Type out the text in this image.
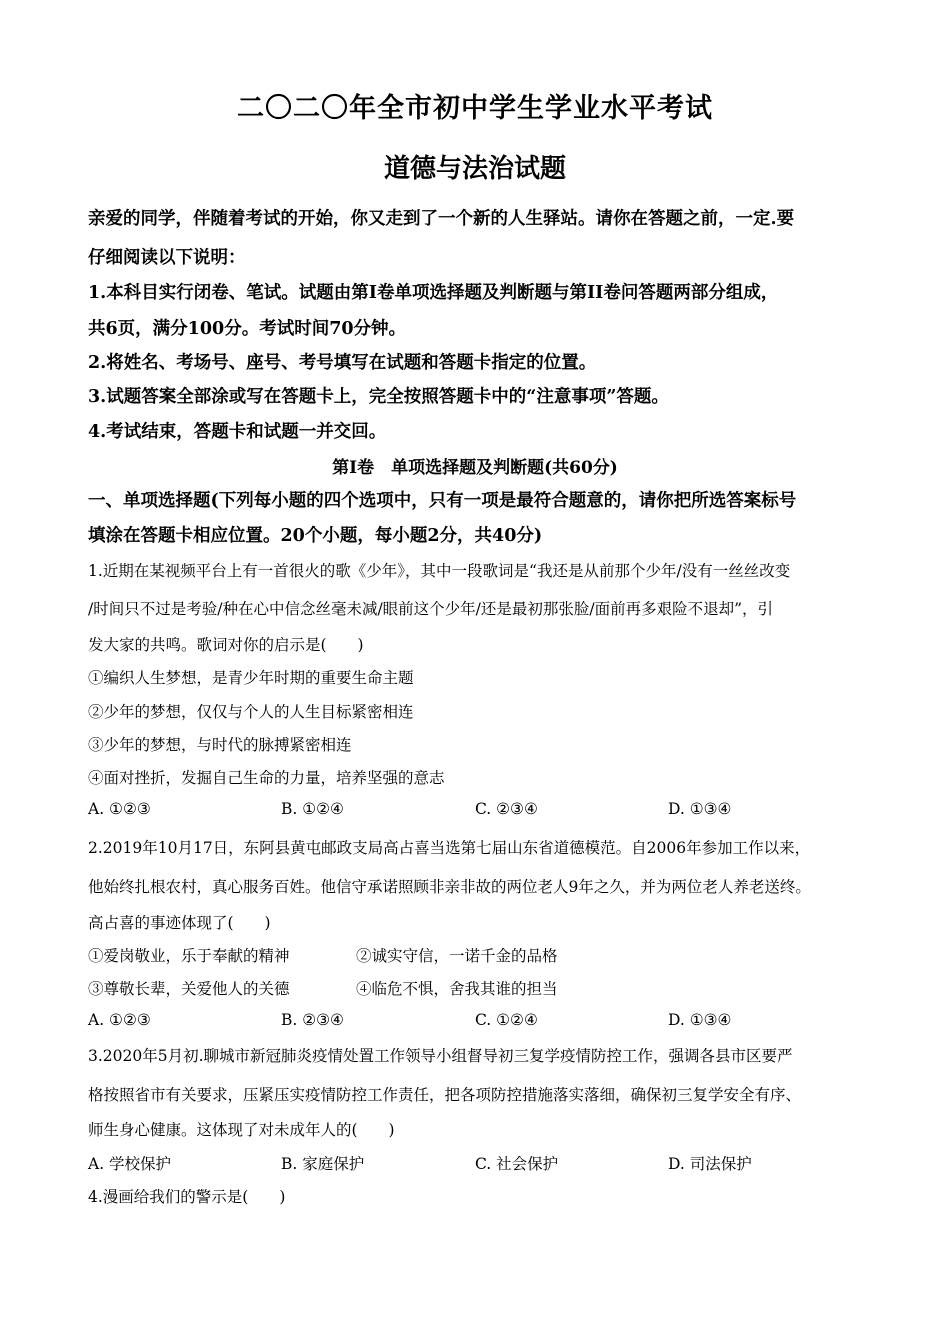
二〇二〇年全市初中学生学业水平考试
道德与法治试题
亲爱的同学，伴随着考试的开始，你又走到了一个新的人生驿站。请你在答题之前，一定.要
仔细阅读以下说明：
1.本科目实行闭卷、笔试。试题由第Ⅰ卷单项选择题及判断题与第II卷问答题两部分组成，
共6页，满分100分。考试时间70分钟。
2.将姓名、考场号、座号、考号填写在试题和答题卡指定的位置。
3.试题答案全部涂或写在答题卡上，完全按照答题卡中的“注意事项”答题。
4.考试结束，答题卡和试题一并交回。
第Ⅰ卷　单项选择题及判断题(共60分)
一、单项选择题(下列每小题的四个选项中，只有一项是最符合题意的，请你把所选答案标号
填涂在答题卡相应位置。20个小题，每小题2分，共40分)
1.近期在某视频平台上有一首很火的歌《少年》，其中一段歌词是“我还是从前那个少年/没有一丝丝改变
/时间只不过是考验/种在心中信念丝毫未减/眼前这个少年/还是最初那张脸/面前再多艰险不退却”，引
发大家的共鸣。歌词对你的启示是(　　)
①编织人生梦想，是青少年时期的重要生命主题
②少年的梦想，仅仅与个人的人生目标紧密相连
③少年的梦想，与时代的脉搏紧密相连
④面对挫折，发掘自己生命的力量，培养坚强的意志
A. ①②③	B. ①②④	C. ②③④	D. ①③④
2.2019年10月17日，东阿县黄屯邮政支局高占喜当选第七届山东省道德模范。自2006年参加工作以来，
他始终扎根农村，真心服务百姓。他信守承诺照顾非亲非故的两位老人9年之久，并为两位老人养老送终。
高占喜的事迹体现了(　　)
①爱岗敬业，乐于奉献的精神	②诚实守信，一诺千金的品格
③尊敬长辈，关爱他人的关德	④临危不惧，舍我其谁的担当
A. ①②③	B. ②③④	C. ①②④	D. ①③④
3.2020年5月初.聊城市新冠肺炎疫情处置工作领导小组督导初三复学疫情防控工作，强调各县市区要严
格按照省市有关要求，压紧压实疫情防控工作责任，把各项防控措施落实落细，确保初三复学安全有序、
师生身心健康。这体现了对未成年人的(　　)
A. 学校保护	B. 家庭保护	C. 社会保护	D. 司法保护
4.漫画给我们的警示是(　　)
